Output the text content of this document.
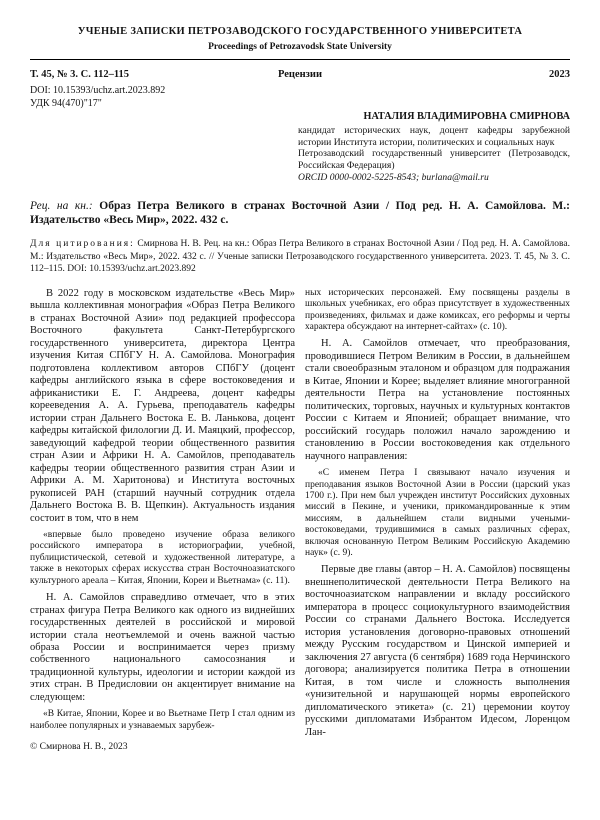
УЧЕНЫЕ ЗАПИСКИ ПЕТРОЗАВОДСКОГО ГОСУДАРСТВЕННОГО УНИВЕРСИТЕТА
Proceedings of Petrozavodsk State University
Т. 45, № 3. С. 112–115	Рецензии	2023
DOI: 10.15393/uchz.art.2023.892
УДК 94(470)"17"
НАТАЛИЯ ВЛАДИМИРОВНА СМИРНОВА
кандидат исторических наук, доцент кафедры зарубежной истории Института истории, политических и социальных наук
Петрозаводский государственный университет (Петрозаводск, Российская Федерация)
ORCID 0000-0002-5225-8543; burlana@mail.ru
Рец. на кн.: Образ Петра Великого в странах Восточной Азии / Под ред. Н. А. Самойлова. М.: Издательство «Весь Мир», 2022. 432 с.
Для цитирования: Смирнова Н. В. Рец. на кн.: Образ Петра Великого в странах Восточной Азии / Под ред. Н. А. Самойлова. М.: Издательство «Весь Мир», 2022. 432 с. // Ученые записки Петрозаводского государственного университета. 2023. Т. 45, № 3. С. 112–115. DOI: 10.15393/uchz.art.2023.892

В 2022 году в московском издательстве «Весь Мир» вышла коллективная монография «Образ Петра Великого в странах Восточной Азии» под редакцией профессора Восточного факультета Санкт-Петербургского государственного университета, директора Центра изучения Китая СПбГУ Н. А. Самойлова. Монография подготовлена коллективом авторов СПбГУ (доцент кафедры английского языка в сфере востоковедения и африканистики Е. Г. Андреева, доцент кафедры корееведения А. А. Гурьева, преподаватель кафедры истории стран Дальнего Востока Е. В. Ланькова, доцент кафедры китайской филологии Д. И. Маяцкий, профессор, заведующий кафедрой теории общественного развития стран Азии и Африки Н. А. Самойлов, преподаватель кафедры теории общественного развития стран Азии и Африки А. М. Харитонова) и Института восточных рукописей РАН (старший научный сотрудник отдела Дальнего Востока В. В. Щепкин). Актуальность издания состоит в том, что в нем

«впервые было проведено изучение образа великого российского императора в историографии, учебной, публицистической, сетевой и художественной литературе, а также в некоторых сферах искусства стран Восточноазиатского культурного ареала – Китая, Японии, Кореи и Вьетнама» (с. 11).

Н. А. Самойлов справедливо отмечает, что в этих странах фигура Петра Великого как одного из виднейших государственных деятелей в российской и мировой истории стала неотъемлемой и очень важной частью образа России и воспринимается через призму собственного национального самосознания и традиционной культуры, идеологии и истории каждой из этих стран. В Предисловии он акцентирует внимание на следующем:

«В Китае, Японии, Корее и во Вьетнаме Петр I стал одним из наиболее популярных и узнаваемых зарубеж-

© Смирнова Н. В., 2023

ных исторических персонажей. Ему посвящены разделы в школьных учебниках, его образ присутствует в художественных произведениях, фильмах и даже комиксах, его реформы и черты характера обсуждают на интернет-сайтах» (с. 10).

Н. А. Самойлов отмечает, что преобразования, проводившиеся Петром Великим в России, в дальнейшем стали своеобразным эталоном и образцом для подражания в Китае, Японии и Корее; выделяет влияние многогранной деятельности Петра на установление постоянных политических, торговых, научных и культурных контактов России с Китаем и Японией; обращает внимание, что российский государь положил начало зарождению и становлению в России востоковедения как отдельного научного направления:

«С именем Петра I связывают начало изучения и преподавания языков Восточной Азии в России (царский указ 1700 г.). При нем был учрежден институт Российских духовных миссий в Пекине, и ученики, прикомандированные к этим миссиям, в дальнейшем стали видными учеными-востоковедами, трудившимися в самых различных сферах, включая основанную Петром Великим Российскую Академию наук» (с. 9).

Первые две главы (автор – Н. А. Самойлов) посвящены внешнеполитической деятельности Петра Великого на восточноазиатском направлении и вкладу российского императора в процесс социокультурного взаимодействия России со странами Дальнего Востока. Исследуется история установления договорно-правовых отношений между Русским государством и Цинской империей и заключения 27 августа (6 сентября) 1689 года Нерчинского договора; анализируется политика Петра в отношении Китая, в том числе и сложность выполнения «унизительной и нарушающей нормы европейского дипломатического этикета» (с. 21) церемонии коутоу русскими дипломатами Избрантом Идесом, Лоренцом Лан-
